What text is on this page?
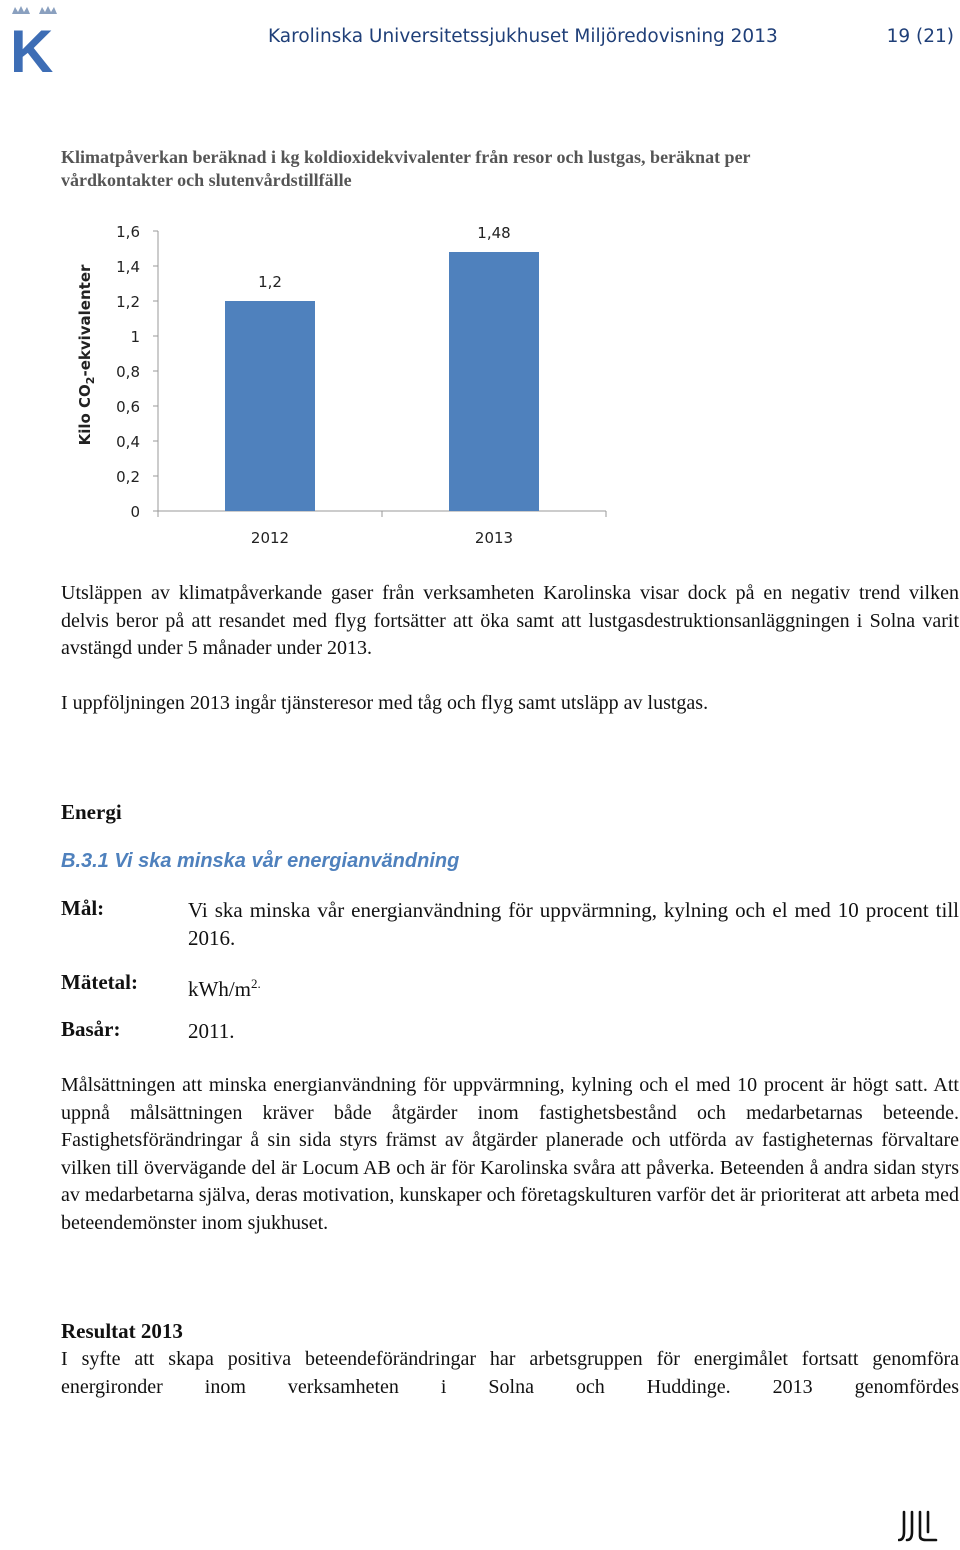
K	Karolinska Universitetssjukhuset Miljöredovisning 2013	19 (21)
Klimatpåverkan beräknad i kg koldioxidekvivalenter från resor och lustgas, beräknat per vårdkontakter och slutenvårdstillfälle
Kilo $CO_2$-ekvivalenter
0
0,2
0,4
0,6
0,8
1
1,2
1,4
1,6
1,2
2012
1,48
2013
Utsläppen av klimatpåverkande gaser från verksamheten Karolinska visar dock på en negativ trend vilken delvis beror på att resandet med flyg fortsätter att öka samt att lustgasdestruktionsanläggningen i Solna varit avstängd under 5 månader under 2013.
I uppföljningen 2013 ingår tjänsteresor med tåg och flyg samt utsläpp av lustgas.
Energi
B.3.1 Vi ska minska vår energianvändning
Mål:	Vi ska minska vår energianvändning för uppvärmning, kylning och el med 10 procent till 2016.
Mätetal: kWh/$m^{2.}$
Basår:	2011.
Målsättningen att minska energianvändning för uppvärmning, kylning och el med 10 procent är högt satt. Att uppnå målsättningen kräver både åtgärder inom fastighetsbestånd och medarbetarnas beteende. Fastighetsförändringar å sin sida styrs främst av åtgärder planerade och utförda av fastigheternas förvaltare vilken till övervägande del är Locum AB och är för Karolinska svåra att påverka. Beteenden å andra sidan styrs av medarbetarna själva, deras motivation, kunskaper och företagskulturen varför det är prioriterat att arbeta med beteendemönster inom sjukhuset.
Resultat 2013
I syfte att skapa positiva beteendeförändringar har arbetsgruppen för energimålet fortsatt genomföra energironder inom verksamheten i Solna och Huddinge. 2013 genomfördes
